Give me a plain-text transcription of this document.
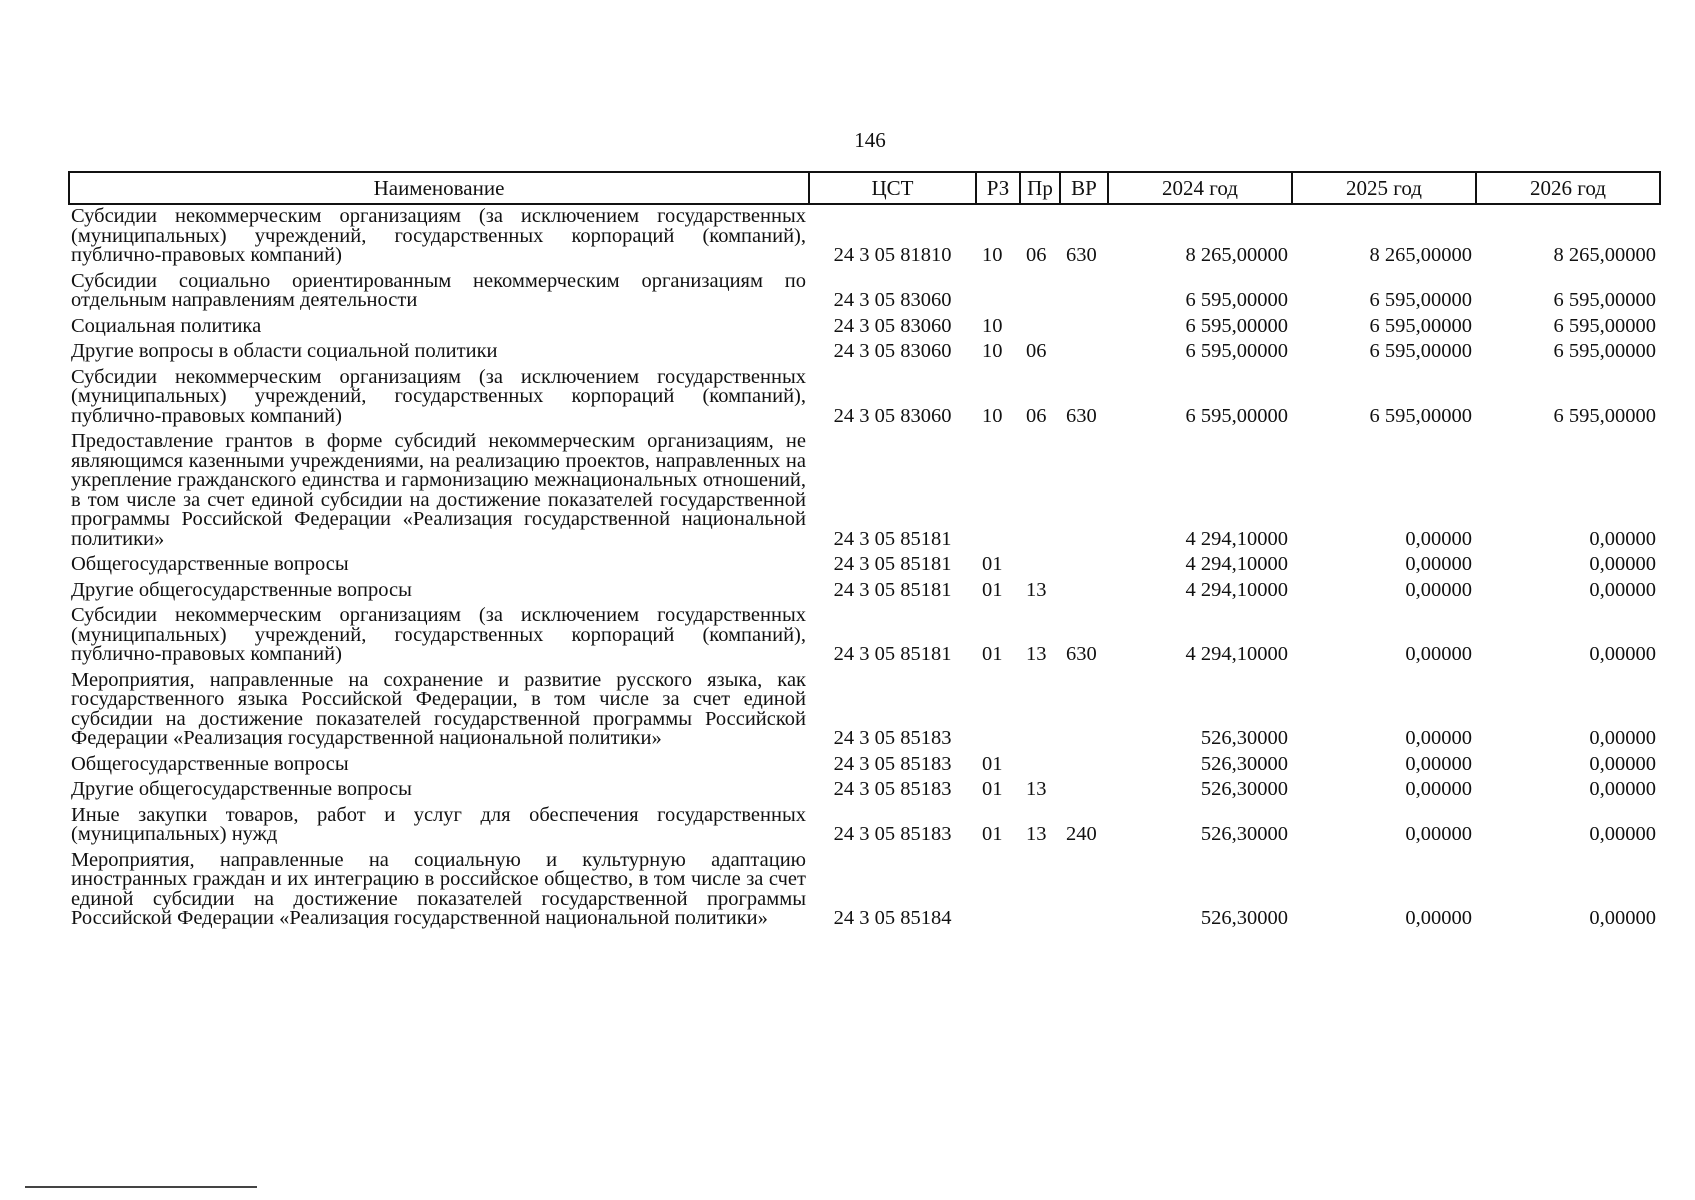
146
Наименование	ЦСТ	РЗ	Пр	ВР	2024 год	2025 год	2026 год
Субсидии некоммерческим организациям (за исключением государственных (муниципальных) учреждений, государственных корпораций (компаний), публично-правовых компаний)	24 3 05 81810	10	06	630	8 265,00000	8 265,00000	8 265,00000
Субсидии социально ориентированным некоммерческим организациям по отдельным направлениям деятельности	24 3 05 83060				6 595,00000	6 595,00000	6 595,00000
Социальная политика	24 3 05 83060	10			6 595,00000	6 595,00000	6 595,00000
Другие вопросы в области социальной политики	24 3 05 83060	10	06		6 595,00000	6 595,00000	6 595,00000
Субсидии некоммерческим организациям (за исключением государственных (муниципальных) учреждений, государственных корпораций (компаний), публично-правовых компаний)	24 3 05 83060	10	06	630	6 595,00000	6 595,00000	6 595,00000
Предоставление грантов в форме субсидий некоммерческим организациям, не являющимся казенными учреждениями, на реализацию проектов, направленных на укрепление гражданского единства и гармонизацию межнациональных отношений, в том числе за счет единой субсидии на достижение показателей государственной программы Российской Федерации «Реализация государственной национальной политики»	24 3 05 85181				4 294,10000	0,00000	0,00000
Общегосударственные вопросы	24 3 05 85181	01			4 294,10000	0,00000	0,00000
Другие общегосударственные вопросы	24 3 05 85181	01	13		4 294,10000	0,00000	0,00000
Субсидии некоммерческим организациям (за исключением государственных (муниципальных) учреждений, государственных корпораций (компаний), публично-правовых компаний)	24 3 05 85181	01	13	630	4 294,10000	0,00000	0,00000
Мероприятия, направленные на сохранение и развитие русского языка, как государственного языка Российской Федерации, в том числе за счет единой субсидии на достижение показателей государственной программы Российской Федерации «Реализация государственной национальной политики»	24 3 05 85183				526,30000	0,00000	0,00000
Общегосударственные вопросы	24 3 05 85183	01			526,30000	0,00000	0,00000
Другие общегосударственные вопросы	24 3 05 85183	01	13		526,30000	0,00000	0,00000
Иные закупки товаров, работ и услуг для обеспечения государственных (муниципальных) нужд	24 3 05 85183	01	13	240	526,30000	0,00000	0,00000
Мероприятия, направленные на социальную и культурную адаптацию иностранных граждан и их интеграцию в российское общество, в том числе за счет единой субсидии на достижение показателей государственной программы Российской Федерации «Реализация государственной национальной политики»	24 3 05 85184				526,30000	0,00000	0,00000
